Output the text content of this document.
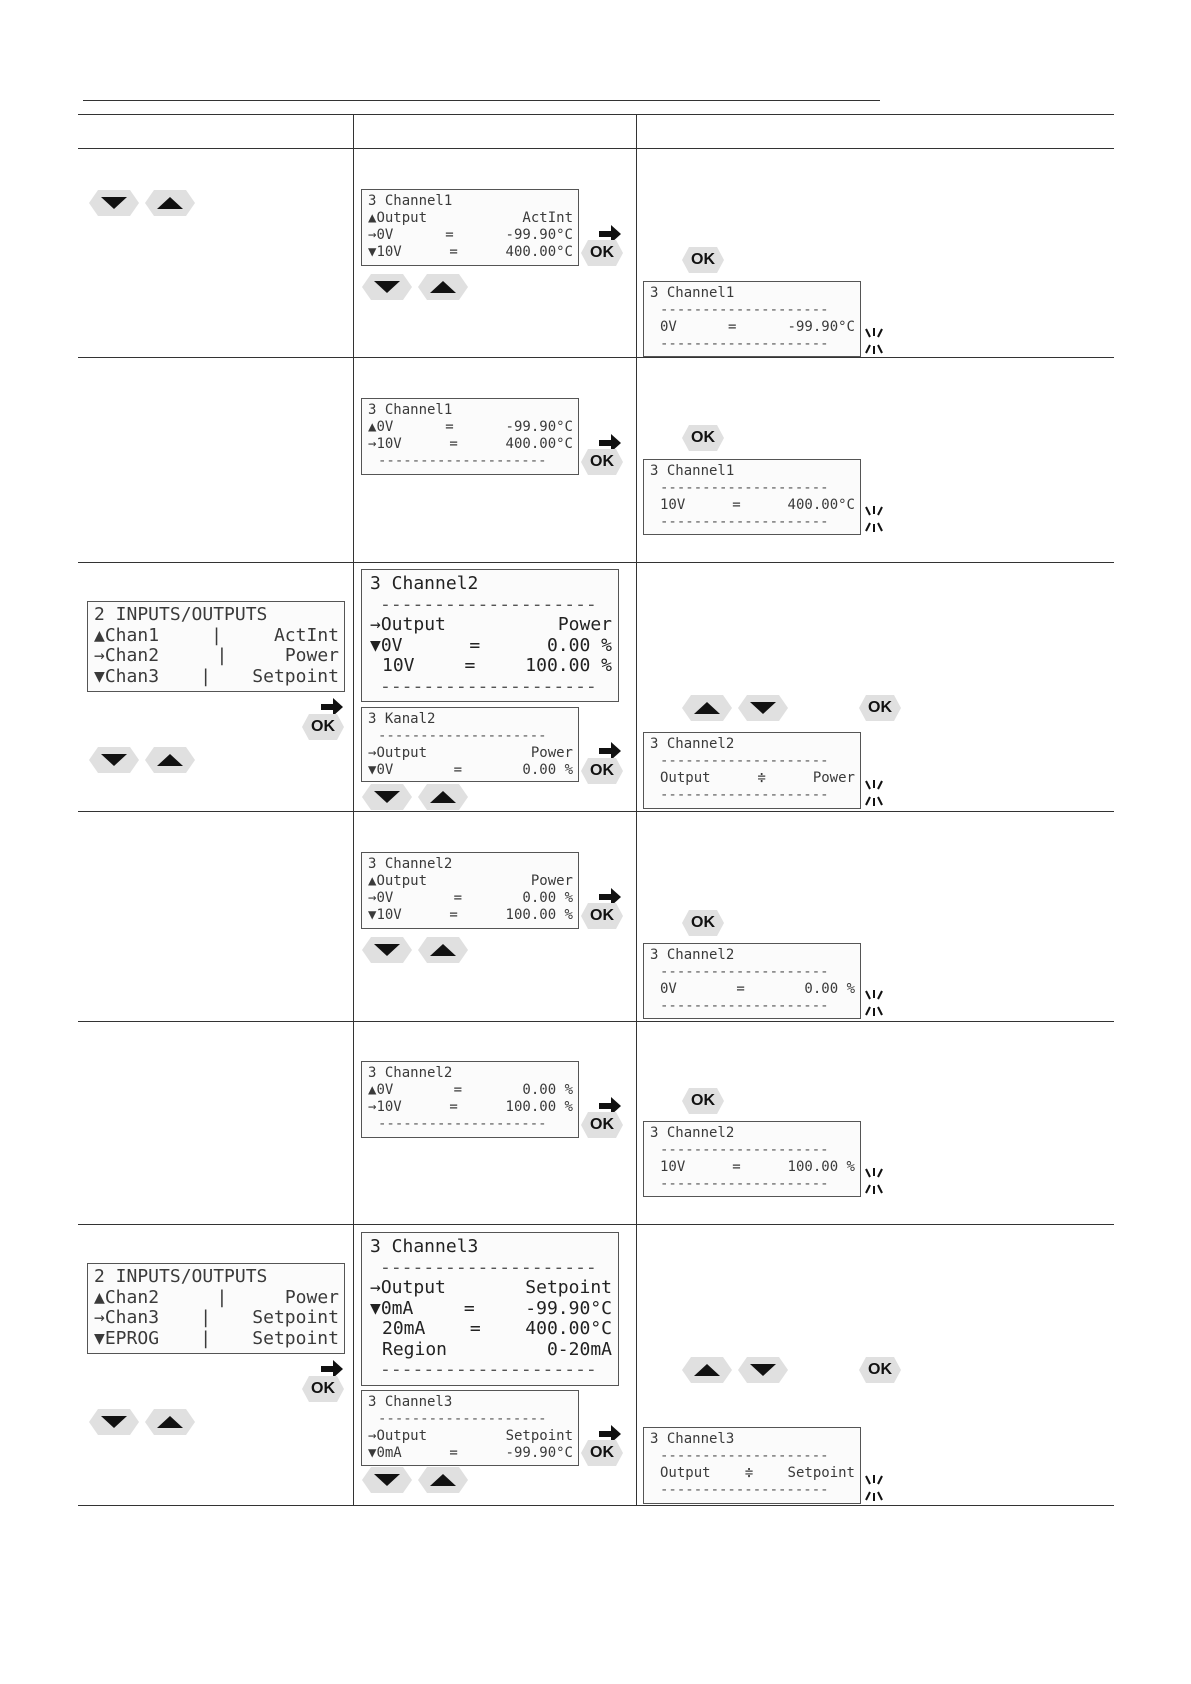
3 Channel1
▲Output	ActInt
→0V	=	-99.90°C
▼10V	=	400.00°C	OK	OK
3 Channel1
--------------------
0V	=	-99.90°C
--------------------
3 Channel1
▲0V	=	-99.90°C
→10V	=	400.00°C
--------------------	OK
OK
3 Channel1
--------------------
10V	=	400.00°C
--------------------
2 INPUTS/OUTPUTS
▲Chan1	|	ActInt
→Chan2	|	Power
▼Chan3 | Setpoint
OK
3 Channel2
--------------------
→Output	Power
▼0V	=	0.00 %
10V	=	100.00 %
--------------------
3 Kanal2
--------------------
→Output	Power
▼0V	=	0.00 %	OK
OK
3 Channel2
--------------------
Output	≑	Power
--------------------
3 Channel2
▲Output	Power
→0V	=	0.00 %
▼10V	=	100.00 %	OK	OK
3 Channel2
--------------------
0V	=	0.00 %
--------------------
3 Channel2
▲0V	=	0.00 %
→10V	=	100.00 %
--------------------	OK
OK
3 Channel2
--------------------
10V	=	100.00 %
--------------------
2 INPUTS/OUTPUTS
▲Chan2	|	Power
→Chan3 | Setpoint
▼EPROG | Setpoint
OK
3 Channel3
--------------------
→Output	Setpoint
▼0mA	=	-99.90°C
20mA = 400.00°C
Region	0-20mA
--------------------
3 Channel3
--------------------
→Output	Setpoint
▼0mA	=	-99.90°C	OK
OK
3 Channel3
--------------------
Output ≑ Setpoint
--------------------
